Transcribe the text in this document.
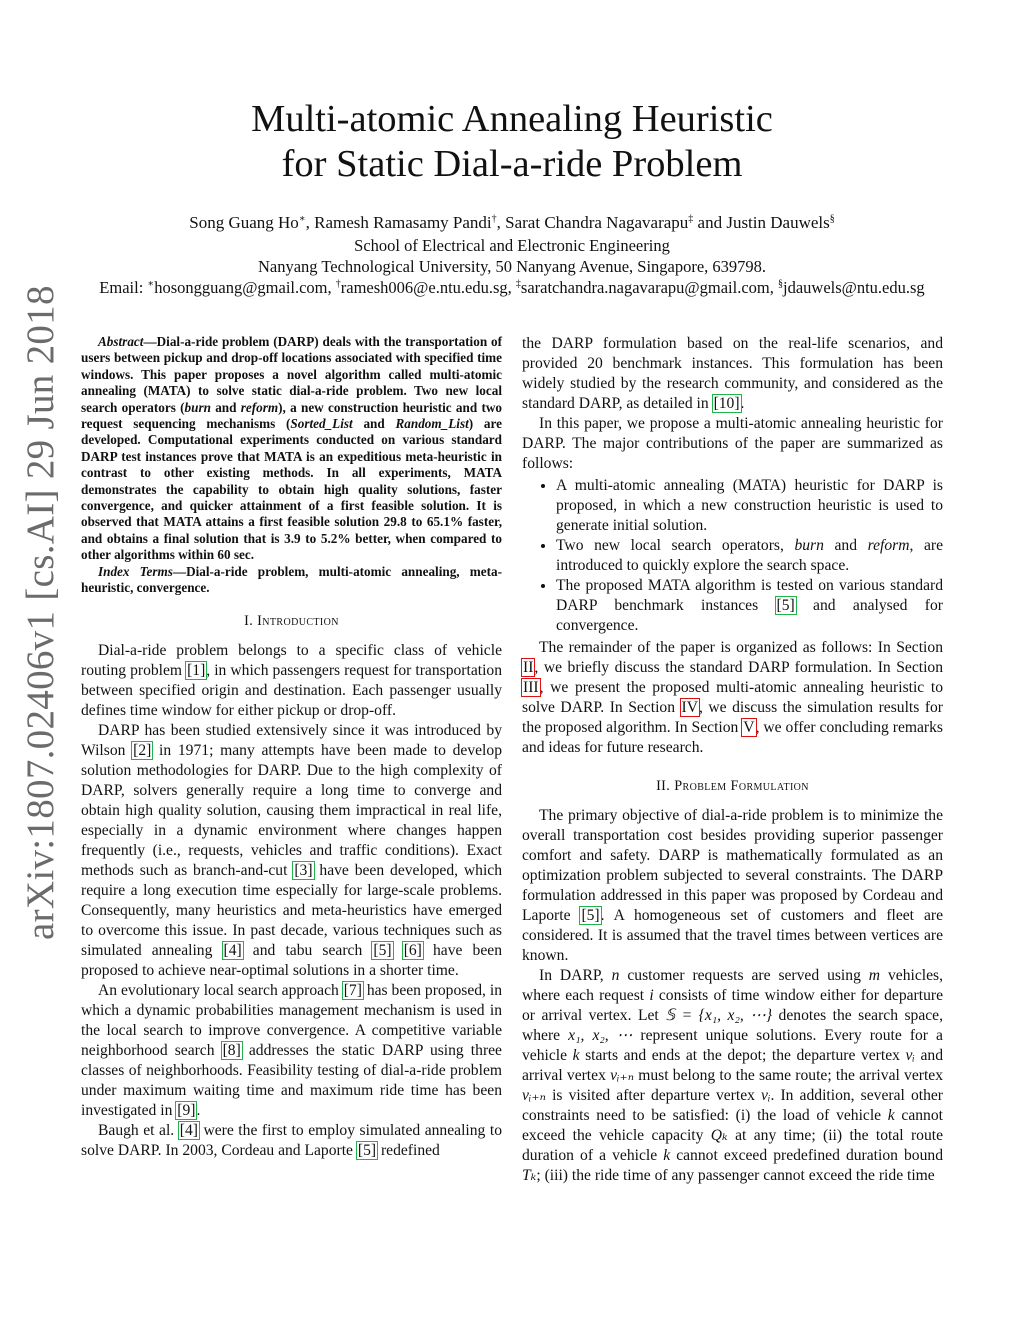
arXiv:1807.02406v1 [cs.AI] 29 Jun 2018
Multi-atomic Annealing Heuristic
for Static Dial-a-ride Problem
Song Guang Ho∗, Ramesh Ramasamy Pandi†, Sarat Chandra Nagavarapu‡ and Justin Dauwels§
School of Electrical and Electronic Engineering
Nanyang Technological University, 50 Nanyang Avenue, Singapore, 639798.
Email: ∗hosongguang@gmail.com, †ramesh006@e.ntu.edu.sg, ‡saratchandra.nagavarapu@gmail.com, §jdauwels@ntu.edu.sg

Abstract—Dial-a-ride problem (DARP) deals with the transportation of users between pickup and drop-off locations associated with specified time windows. This paper proposes a novel algorithm called multi-atomic annealing (MATA) to solve static dial-a-ride problem. Two new local search operators (burn and reform), a new construction heuristic and two request sequencing mechanisms (Sorted_List and Random_List) are developed. Computational experiments conducted on various standard DARP test instances prove that MATA is an expeditious meta-heuristic in contrast to other existing methods. In all experiments, MATA demonstrates the capability to obtain high quality solutions, faster convergence, and quicker attainment of a first feasible solution. It is observed that MATA attains a first feasible solution 29.8 to 65.1% faster, and obtains a final solution that is 3.9 to 5.2% better, when compared to other algorithms within 60 sec.

Index Terms—Dial-a-ride problem, multi-atomic annealing, meta-heuristic, convergence.

I. Introduction

Dial-a-ride problem belongs to a specific class of vehicle routing problem [1], in which passengers request for transportation between specified origin and destination. Each passenger usually defines time window for either pickup or drop-off.

DARP has been studied extensively since it was introduced by Wilson [2] in 1971; many attempts have been made to develop solution methodologies for DARP. Due to the high complexity of DARP, solvers generally require a long time to converge and obtain high quality solution, causing them impractical in real life, especially in a dynamic environment where changes happen frequently (i.e., requests, vehicles and traffic conditions). Exact methods such as branch-and-cut [3] have been developed, which require a long execution time especially for large-scale problems. Consequently, many heuristics and meta-heuristics have emerged to overcome this issue. In past decade, various techniques such as simulated annealing [4] and tabu search [5] [6] have been proposed to achieve near-optimal solutions in a shorter time.

An evolutionary local search approach [7] has been proposed, in which a dynamic probabilities management mechanism is used in the local search to improve convergence. A competitive variable neighborhood search [8] addresses the static DARP using three classes of neighborhoods. Feasibility testing of dial-a-ride problem under maximum waiting time and maximum ride time has been investigated in [9].

Baugh et al. [4] were the first to employ simulated annealing to solve DARP. In 2003, Cordeau and Laporte [5] redefined

the DARP formulation based on the real-life scenarios, and provided 20 benchmark instances. This formulation has been widely studied by the research community, and considered as the standard DARP, as detailed in [10].

In this paper, we propose a multi-atomic annealing heuristic for DARP. The major contributions of the paper are summarized as follows:

• A multi-atomic annealing (MATA) heuristic for DARP is proposed, in which a new construction heuristic is used to generate initial solution.
• Two new local search operators, burn and reform, are introduced to quickly explore the search space.
• The proposed MATA algorithm is tested on various standard DARP benchmark instances [5] and analysed for convergence.

The remainder of the paper is organized as follows: In Section II, we briefly discuss the standard DARP formulation. In Section III, we present the proposed multi-atomic annealing heuristic to solve DARP. In Section IV, we discuss the simulation results for the proposed algorithm. In Section V, we offer concluding remarks and ideas for future research.

II. Problem Formulation

The primary objective of dial-a-ride problem is to minimize the overall transportation cost besides providing superior passenger comfort and safety. DARP is mathematically formulated as an optimization problem subjected to several constraints. The DARP formulation addressed in this paper was proposed by Cordeau and Laporte [5]. A homogeneous set of customers and fleet are considered. It is assumed that the travel times between vertices are known.

In DARP, n customer requests are served using m vehicles, where each request i consists of time window either for departure or arrival vertex. Let 𝕊 = {x₁, x₂, ⋯} denotes the search space, where x₁, x₂, ⋯ represent unique solutions. Every route for a vehicle k starts and ends at the depot; the departure vertex vᵢ and arrival vertex vᵢ₊ₙ must belong to the same route; the arrival vertex vᵢ₊ₙ is visited after departure vertex vᵢ. In addition, several other constraints need to be satisfied: (i) the load of vehicle k cannot exceed the vehicle capacity Qₖ at any time; (ii) the total route duration of a vehicle k cannot exceed predefined duration bound Tₖ; (iii) the ride time of any passenger cannot exceed the ride time
